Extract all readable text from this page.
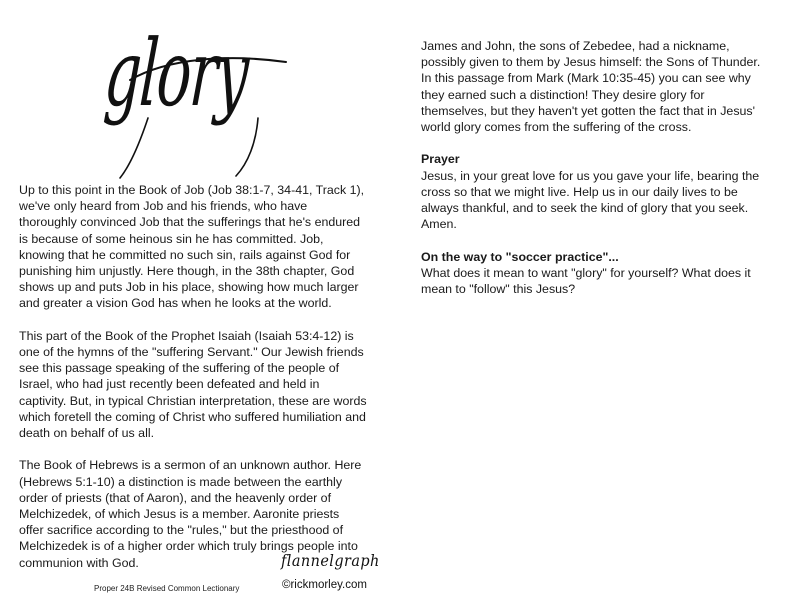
glory

Up to this point in the Book of Job (Job 38:1-7, 34-41, Track 1), we've only heard from Job and his friends, who have thoroughly convinced Job that the sufferings that he's endured is because of some heinous sin he has committed. Job, knowing that he committed no such sin, rails against God for punishing him unjustly. Here though, in the 38th chapter, God shows up and puts Job in his place, showing how much larger and greater a vision God has when he looks at the world.

This part of the Book of the Prophet Isaiah (Isaiah 53:4-12) is one of the hymns of the "suffering Servant." Our Jewish friends see this passage speaking of the suffering of the people of Israel, who had just recently been defeated and held in captivity. But, in typical Christian interpretation, these are words which foretell the coming of Christ who suffered humiliation and death on behalf of us all.

The Book of Hebrews is a sermon of an unknown author. Here (Hebrews 5:1-10) a distinction is made between the earthly order of priests (that of Aaron), and the heavenly order of Melchizedek, of which Jesus is a member. Aaronite priests offer sacrifice according to the "rules," but the priesthood of Melchizedek is of a higher order which truly brings people into communion with God.

James and John, the sons of Zebedee, had a nickname, possibly given to them by Jesus himself: the Sons of Thunder. In this passage from Mark (Mark 10:35-45) you can see why they earned such a distinction! They desire glory for themselves, but they haven't yet gotten the fact that in Jesus' world glory comes from the suffering of the cross.

Prayer

Jesus, in your great love for us you gave your life, bearing the cross so that we might live. Help us in our daily lives to be always thankful, and to seek the kind of glory that you seek. Amen.

On the way to "soccer practice"...

What does it mean to want "glory" for yourself? What does it mean to "follow" this Jesus?

Proper 24B Revised Common Lectionary
flannelgraph
©rickmorley.com
